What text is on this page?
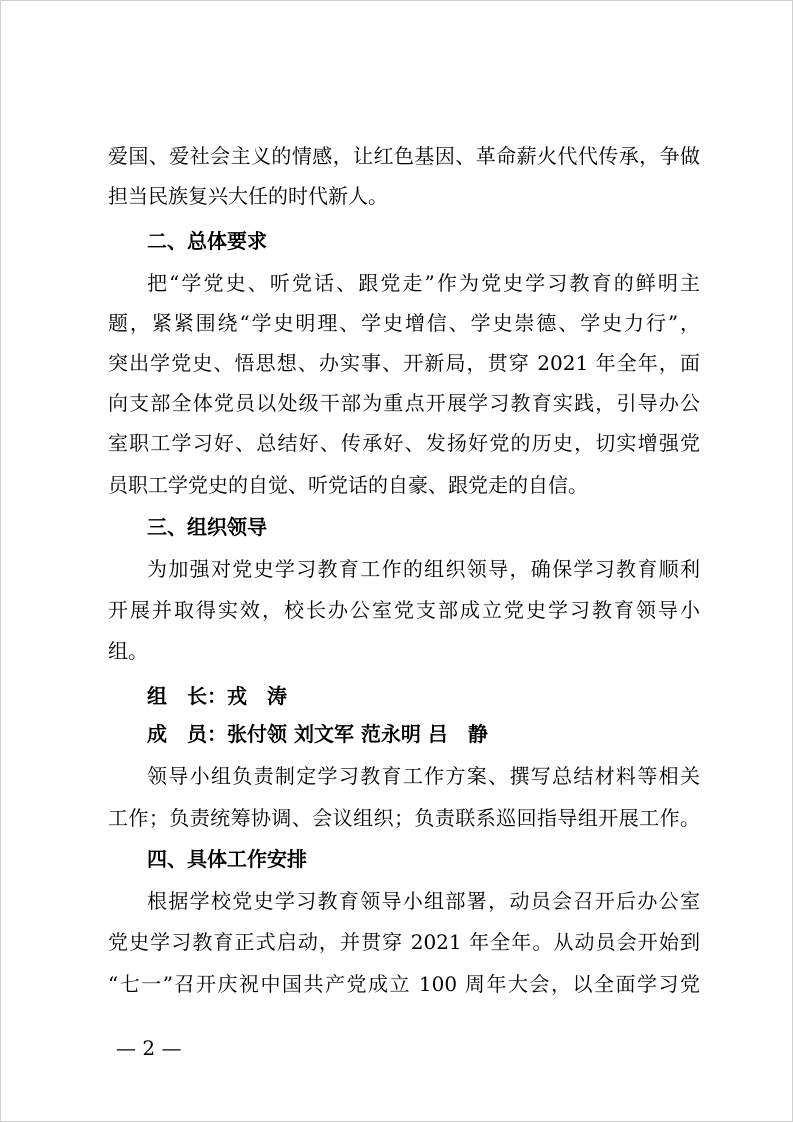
爱国、爱社会主义的情感，让红色基因、革命薪火代代传承，争做
担当民族复兴大任的时代新人。
二、总体要求
把“学党史、听党话、跟党走”作为党史学习教育的鲜明主
题，紧紧围绕“学史明理、学史增信、学史崇德、学史力行”，
突出学党史、悟思想、办实事、开新局，贯穿 2021 年全年，面
向支部全体党员以处级干部为重点开展学习教育实践，引导办公
室职工学习好、总结好、传承好、发扬好党的历史，切实增强党
员职工学党史的自觉、听党话的自豪、跟党走的自信。
三、组织领导
为加强对党史学习教育工作的组织领导，确保学习教育顺利
开展并取得实效，校长办公室党支部成立党史学习教育领导小
组。
组　长：戎　涛
成　员：张付领 刘文军 范永明 吕　静
领导小组负责制定学习教育工作方案、撰写总结材料等相关
工作；负责统筹协调、会议组织；负责联系巡回指导组开展工作。
四、具体工作安排
根据学校党史学习教育领导小组部署，动员会召开后办公室
党史学习教育正式启动，并贯穿 2021 年全年。从动员会开始到
“七一”召开庆祝中国共产党成立 100 周年大会，以全面学习党
— 2 —
